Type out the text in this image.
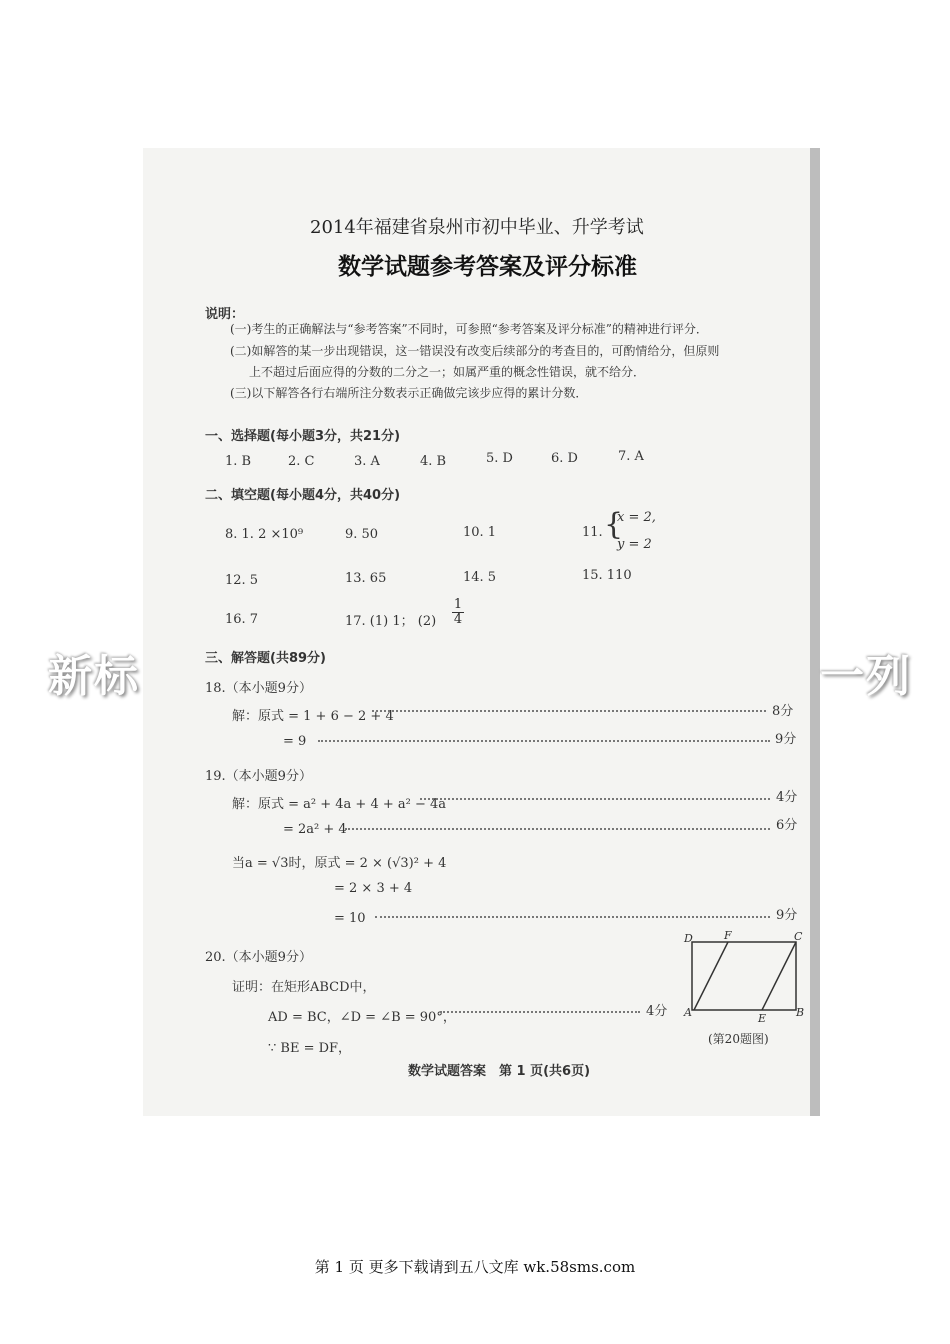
新标	一列
2014年福建省泉州市初中毕业、升学考试
数学试题参考答案及评分标准
说明：
(一)考生的正确解法与“参考答案”不同时，可参照“参考答案及评分标准”的精神进行评分．
(二)如解答的某一步出现错误，这一错误没有改变后续部分的考查目的，可酌情给分，但原则
上不超过后面应得的分数的二分之一；如属严重的概念性错误，就不给分．
(三)以下解答各行右端所注分数表示正确做完该步应得的累计分数．
一、选择题(每小题3分，共21分)
1. B	2. C	3. A	4. B	5. D	6. D	7. A
二、填空题(每小题4分，共40分)
8. 1. 2 ×10⁹	9. 50	10. 1	11. {
x = 2,
y = 2
12. 5	13. 65	14. 5	15. 110
16. 7	17. (1) 1； (2)
1
4
三、解答题(共89分)
18.（本小题9分）
解：原式 = 1 + 6 − 2 + 4	8分
= 9	9分
19.（本小题9分）
解：原式 = a² + 4a + 4 + a² − 4a	4分
= 2a² + 4	6分
当a = √3时，原式 = 2 × (√3)² + 4
= 2 × 3 + 4
= 10	9分
20.（本小题9分）
证明：在矩形ABCD中，
AD = BC，∠D = ∠B = 90°，	4分
∵ BE = DF，
D	F	C
A	E	B
(第20题图)
数学试题答案　第 1 页(共6页)
第 1 页 更多下载请到五八文库 wk.58sms.com
